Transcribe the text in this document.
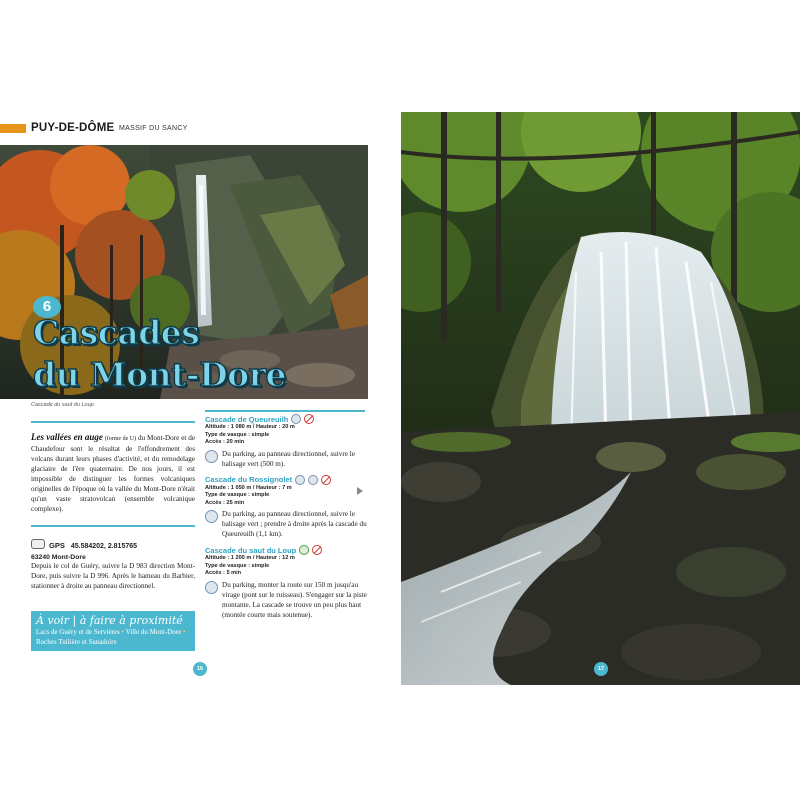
PUY-DE-DÔME MASSIF DU SANCY
6
Cascades
du Mont-Dore
Cascade du saut du Loup.
Les vallées en auge (forme de U) du Mont-Dore et de Chaudefour sont le résultat de l'effondrement des volcans durant leurs phases d'activité, et du remodelage glaciaire de l'ère quaternaire. De nos jours, il est impossible de distinguer les formes volcaniques originelles de l'époque où la vallée du Mont-Dore n'était qu'un vaste stratovolcan (ensemble volcanique complexe).
GPS 45.584202, 2.815765
63240 Mont-Dore
Depuis le col de Guéry, suivre la D 983 direction Mont-Dore, puis suivre la D 996. Après le hameau du Barbier, stationner à droite au panneau directionnel.
À voir | à faire à proximité
Lacs de Guéry et de Servières • Ville du Mont-Dore • Roches Tuilière et Sanadoire
Cascade de Queureuilh
Altitude : 1 080 m / Hauteur : 20 m
Type de vasque : simple
Accès : 20 min
Du parking, au panneau directionnel, suivre le balisage vert (500 m).
Cascade du Rossignolet
Altitude : 1 050 m / Hauteur : 7 m
Type de vasque : simple
Accès : 25 min
Du parking, au panneau directionnel, suivre le balisage vert ; prendre à droite après la cascade du Queureuilh (1,1 km).
Cascade du saut du Loup
Altitude : 1 200 m / Hauteur : 12 m
Type de vasque : simple
Accès : 5 min
Du parking, monter la route sur 150 m jusqu'au virage (pont sur le ruisseau). S'engager sur la piste montante. La cascade se trouve un peu plus haut (montée courte mais soutenue).
16	17
